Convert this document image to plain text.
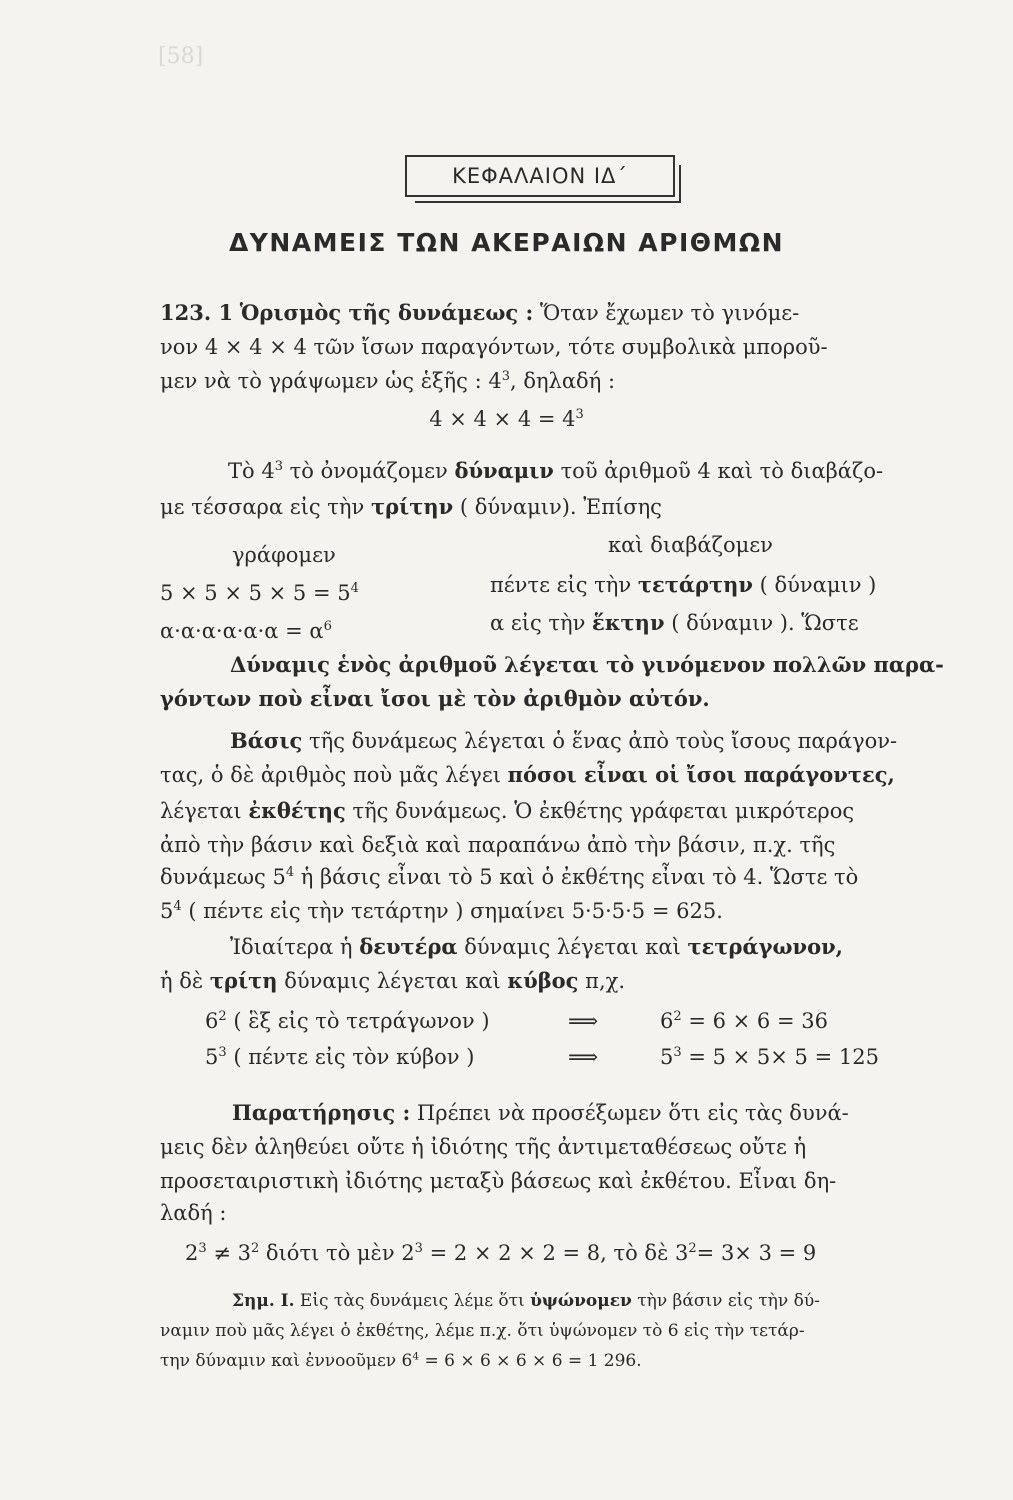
[58]
ΚΕΦΑΛΑΙΟΝ ΙΔ΄
ΔΥΝΑΜΕΙΣ ΤΩΝ ΑΚΕΡΑΙΩΝ ΑΡΙΘΜΩΝ
123. 1 Ὁρισμὸς τῆς δυνάμεως : Ὅταν ἔχωμεν τὸ γινόμε-
νον 4 × 4 × 4 τῶν ἴσων παραγόντων, τότε συμβολικὰ μποροῦ-
μεν νὰ τὸ γράψωμεν ὡς ἑξῆς : $4^3$, δηλαδή :
$4 \times 4 \times 4 = 4^3$
Τὸ $4^3$ τὸ ὀνομάζομεν δύναμιν τοῦ ἀριθμοῦ 4 καὶ τὸ διαβάζο-
με τέσσαρα εἰς τὴν τρίτην ( δύναμιν). Ἐπίσης
γράφομεν	καὶ διαβάζομεν
$5 \times 5 \times 5 \times 5 = 5^4$	πέντε εἰς τὴν τετάρτην ( δύναμιν )
$\alpha\cdot\alpha\cdot\alpha\cdot\alpha\cdot\alpha\cdot\alpha = \alpha^6$	α εἰς τὴν ἕκτην ( δύναμιν ). Ὥστε
Δύναμις ἑνὸς ἀριθμοῦ λέγεται τὸ γινόμενον πολλῶν παρα-
γόντων ποὺ εἶναι ἴσοι μὲ τὸν ἀριθμὸν αὐτόν.
Βάσις τῆς δυνάμεως λέγεται ὁ ἕνας ἀπὸ τοὺς ἴσους παράγον-
τας, ὁ δὲ ἀριθμὸς ποὺ μᾶς λέγει πόσοι εἶναι οἱ ἴσοι παράγοντες,
λέγεται ἐκθέτης τῆς δυνάμεως. Ὁ ἐκθέτης γράφεται μικρότερος
ἀπὸ τὴν βάσιν καὶ δεξιὰ καὶ παραπάνω ἀπὸ τὴν βάσιν, π.χ. τῆς
δυνάμεως $5^4$ ἡ βάσις εἶναι τὸ 5 καὶ ὁ ἐκθέτης εἶναι τὸ 4. Ὥστε τὸ
$5^4$ ( πέντε εἰς τὴν τετάρτην ) σημαίνει 5·5·5·5 = 625.
Ἰδιαίτερα ἡ δευτέρα δύναμις λέγεται καὶ τετράγωνον,
ἡ δὲ τρίτη δύναμις λέγεται καὶ κύβος π,χ.
$6^2$ ( ἓξ εἰς τὸ τετράγωνον )	⟹	$6^2 = 6 \times 6 = 36$
$5^3$ ( πέντε εἰς τὸν κύβον )	⟹	$5^3 = 5 \times 5\times 5 = 125$
Παρατήρησις : Πρέπει νὰ προσέξωμεν ὅτι εἰς τὰς δυνά-
μεις δὲν ἀληθεύει οὔτε ἡ ἰδιότης τῆς ἀντιμεταθέσεως οὔτε ἡ
προσεταιριστικὴ ἰδιότης μεταξὺ βάσεως καὶ ἐκθέτου. Εἶναι δη-
λαδή :
$2^3 \ne 3^2$ διότι τὸ μὲν $2^3 = 2 \times 2 \times 2 = 8$, τὸ δὲ $3^2= 3\times 3 = 9$
Σημ. Ι. Εἰς τὰς δυνάμεις λέμε ὅτι ὑψώνομεν τὴν βάσιν εἰς τὴν δύ-
ναμιν ποὺ μᾶς λέγει ὁ ἐκθέτης, λέμε π.χ. ὅτι ὑψώνομεν τὸ 6 εἰς τὴν τετάρ-
την δύναμιν καὶ ἐννοοῦμεν $6^4 = 6 \times 6 \times 6 \times 6 = 1$ 296.
